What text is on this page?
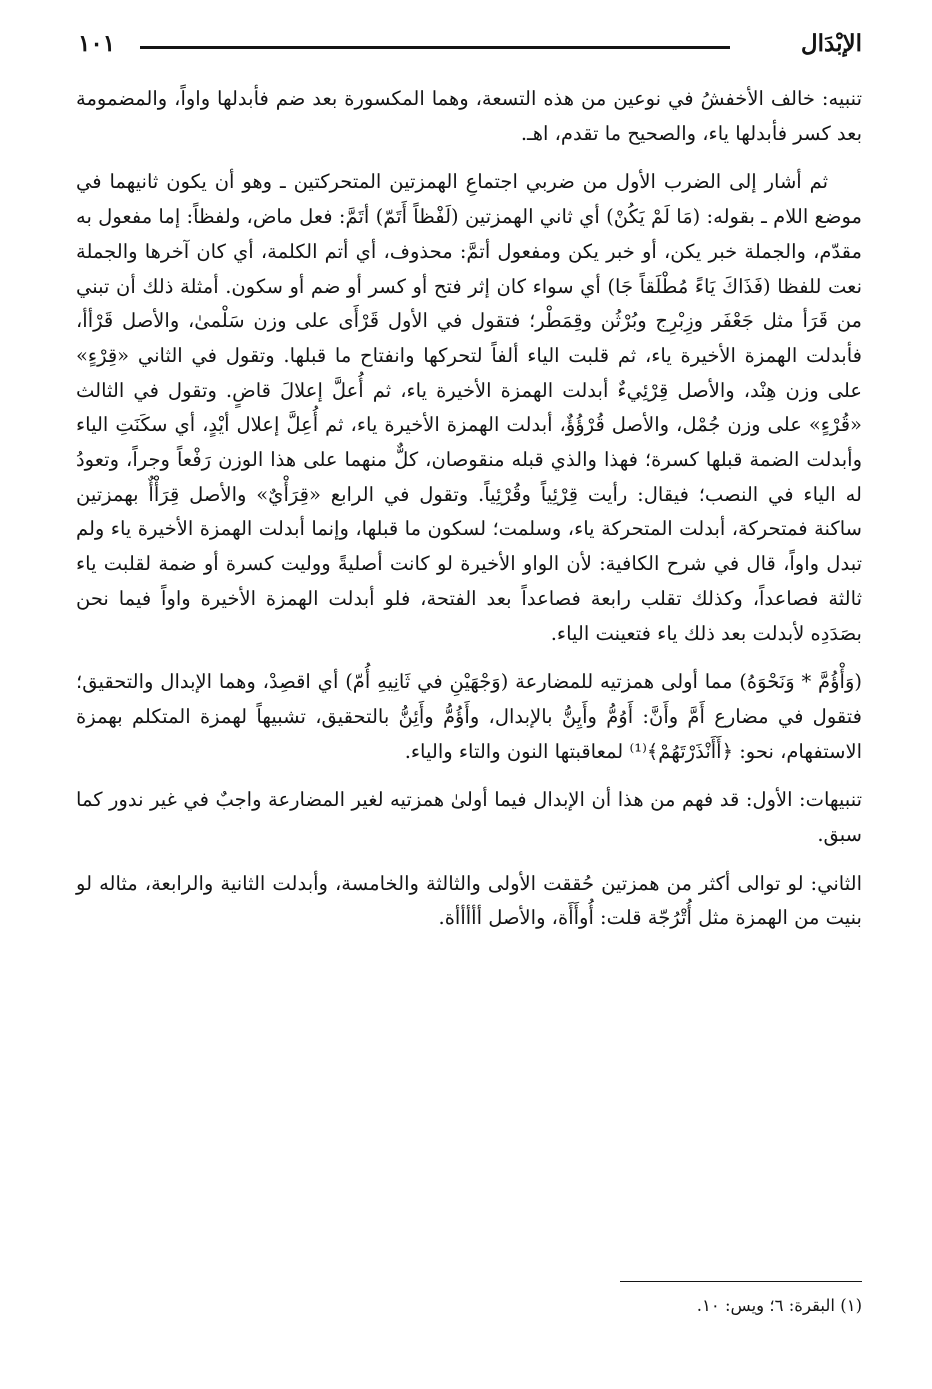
الإبْدَال
١٠١

تنبيه: خالف الأخفشُ في نوعين من هذه التسعة، وهما المكسورة بعد ضم فأبدلها واواً، والمضمومة بعد كسر فأبدلها ياء، والصحيح ما تقدم، اهـ.

ثم أشار إلى الضرب الأول من ضربي اجتماعِ الهمزتين المتحركتين ـ وهو أن يكون ثانيهما في موضع اللام ـ بقوله: (مَا لَمْ يَكُنْ) أي ثاني الهمزتين (لَفْظاً أَتَمّ) أتَمَّ: فعل ماض، ولفظاً: إما مفعول به مقدّم، والجملة خبر يكن، أو خبر يكن ومفعول أتمَّ: محذوف، أي أتم الكلمة، أي كان آخرها والجملة نعت للفظا (فَذَاكَ يَاءً مُطْلَقاً جَا) أي سواء كان إثر فتح أو كسر أو ضم أو سكون. أمثلة ذلك أن تبني من قَرَأ مثل جَعْفَر وزِبْرِج وبُرْثُن وقِمَطْر؛ فتقول في الأول قَرْأَى على وزن سَلْمىٰ، والأصل قَرْأأ، فأبدلت الهمزة الأخيرة ياء، ثم قلبت الياء ألفاً لتحركها وانفتاح ما قبلها. وتقول في الثاني «قِرْءٍ» على وزن هِنْد، والأصل قِرْئِيءٌ أبدلت الهمزة الأخيرة ياء، ثم أُعلَّ إعلالَ قاضٍ. وتقول في الثالث «قُرْءٍ» على وزن جُمْل، والأصل قُرْؤُؤٌ، أبدلت الهمزة الأخيرة ياء، ثم أُعِلَّ إعلال أيْدٍ، أي سكَنَتِ الياء وأبدلت الضمة قبلها كسرة؛ فهذا والذي قبله منقوصان، كلٌّ منهما على هذا الوزن رَفْعاً وجراً، وتعودُ له الياء في النصب؛ فيقال: رأيت قِرْئِياً وقُرْئِياً. وتقول في الرابع «قِرَأْيٌ» والأصل قِرَأْأٌ بهمزتين ساكنة فمتحركة، أبدلت المتحركة ياء، وسلمت؛ لسكون ما قبلها، وإنما أبدلت الهمزة الأخيرة ياء ولم تبدل واواً، قال في شرح الكافية: لأن الواو الأخيرة لو كانت أصليةً ووليت كسرة أو ضمة لقلبت ياء ثالثة فصاعداً، وكذلك تقلب رابعة فصاعداً بعد الفتحة، فلو أبدلت الهمزة الأخيرة واواً فيما نحن بصَدَدِه لأبدلت بعد ذلك ياء فتعينت الياء.

(وَأْؤُمَّ * وَنَحْوَهُ) مما أولى همزتيه للمضارعة (وَجْهَيْنِ في ثَانِيهِ أُمّ) أي اقصِدْ، وهما الإبدال والتحقيق؛ فتقول في مضارع أَمَّ وأَنَّ: أَوُمُّ وأَيِنُّ بالإبدال، وأَؤُمُّ وأَئِنُّ بالتحقيق، تشبيهاً لهمزة المتكلم بهمزة الاستفهام، نحو: ﴿أَأَنْذَرْتَهُمْ﴾⁽¹⁾ لمعاقبتها النون والتاء والياء.

تنبيهات: الأول: قد فهم من هذا أن الإبدال فيما أولىٰ همزتيه لغير المضارعة واجبٌ في غير ندور كما سبق.

الثاني: لو توالى أكثر من همزتين حُققت الأولى والثالثة والخامسة، وأبدلت الثانية والرابعة، مثاله لو بنيت من الهمزة مثل أُتْرُجّة قلت: أُوأَأَة، والأصل أأأأأة.

(١) البقرة: ٦؛ ويس: ١٠.
